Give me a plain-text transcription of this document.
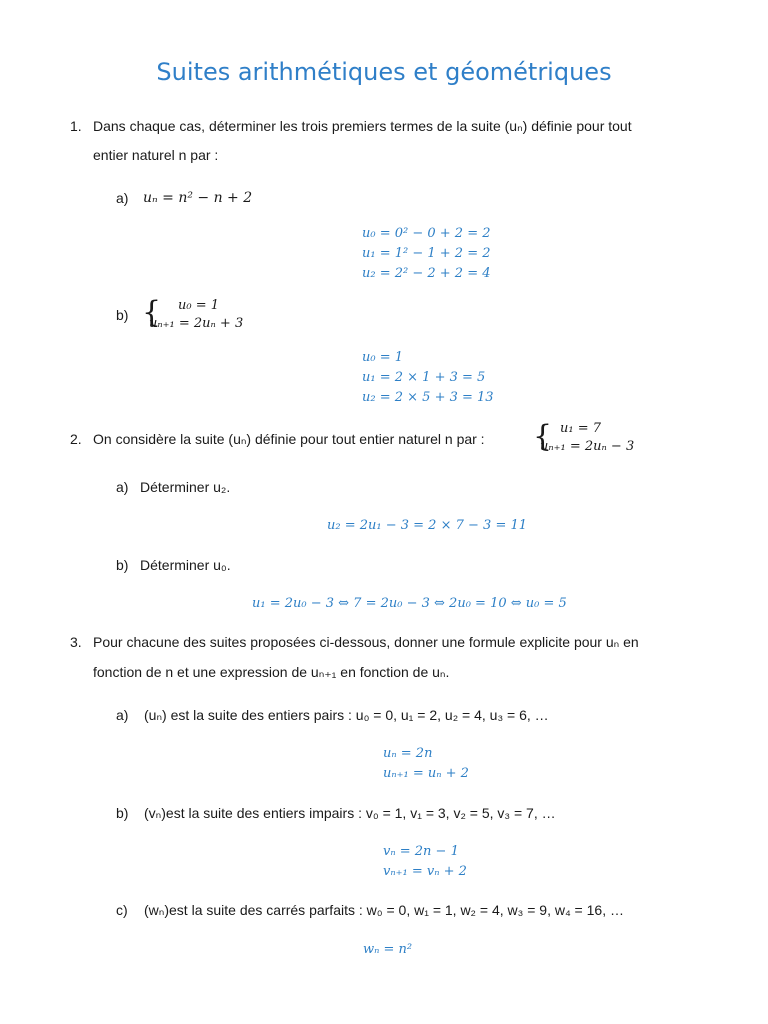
Suites arithmétiques et géométriques
1. Dans chaque cas, déterminer les trois premiers termes de la suite (uₙ) définie pour tout
entier naturel n par :
a) uₙ = n² − n + 2
u₀ = 0² − 0 + 2 = 2
u₁ = 1² − 1 + 2 = 2
u₂ = 2² − 2 + 2 = 4
b) { u₀ = 1
uₙ₊₁ = 2uₙ + 3
u₀ = 1
u₁ = 2 × 1 + 3 = 5
u₂ = 2 × 5 + 3 = 13
2. On considère la suite (uₙ) définie pour tout entier naturel n par : { u₁ = 7
uₙ₊₁ = 2uₙ − 3
a) Déterminer u₂.
u₂ = 2u₁ − 3 = 2 × 7 − 3 = 11
b) Déterminer u₀.
u₁ = 2u₀ − 3 ⇔ 7 = 2u₀ − 3 ⇔ 2u₀ = 10 ⇔ u₀ = 5
3. Pour chacune des suites proposées ci-dessous, donner une formule explicite pour uₙ en
fonction de n et une expression de uₙ₊₁ en fonction de uₙ.
a) (uₙ) est la suite des entiers pairs : u₀ = 0, u₁ = 2, u₂ = 4, u₃ = 6, …
uₙ = 2n
uₙ₊₁ = uₙ + 2
b) (vₙ)est la suite des entiers impairs : v₀ = 1, v₁ = 3, v₂ = 5, v₃ = 7, …
vₙ = 2n − 1
vₙ₊₁ = vₙ + 2
c) (wₙ)est la suite des carrés parfaits : w₀ = 0, w₁ = 1, w₂ = 4, w₃ = 9, w₄ = 16, …
wₙ = n²
